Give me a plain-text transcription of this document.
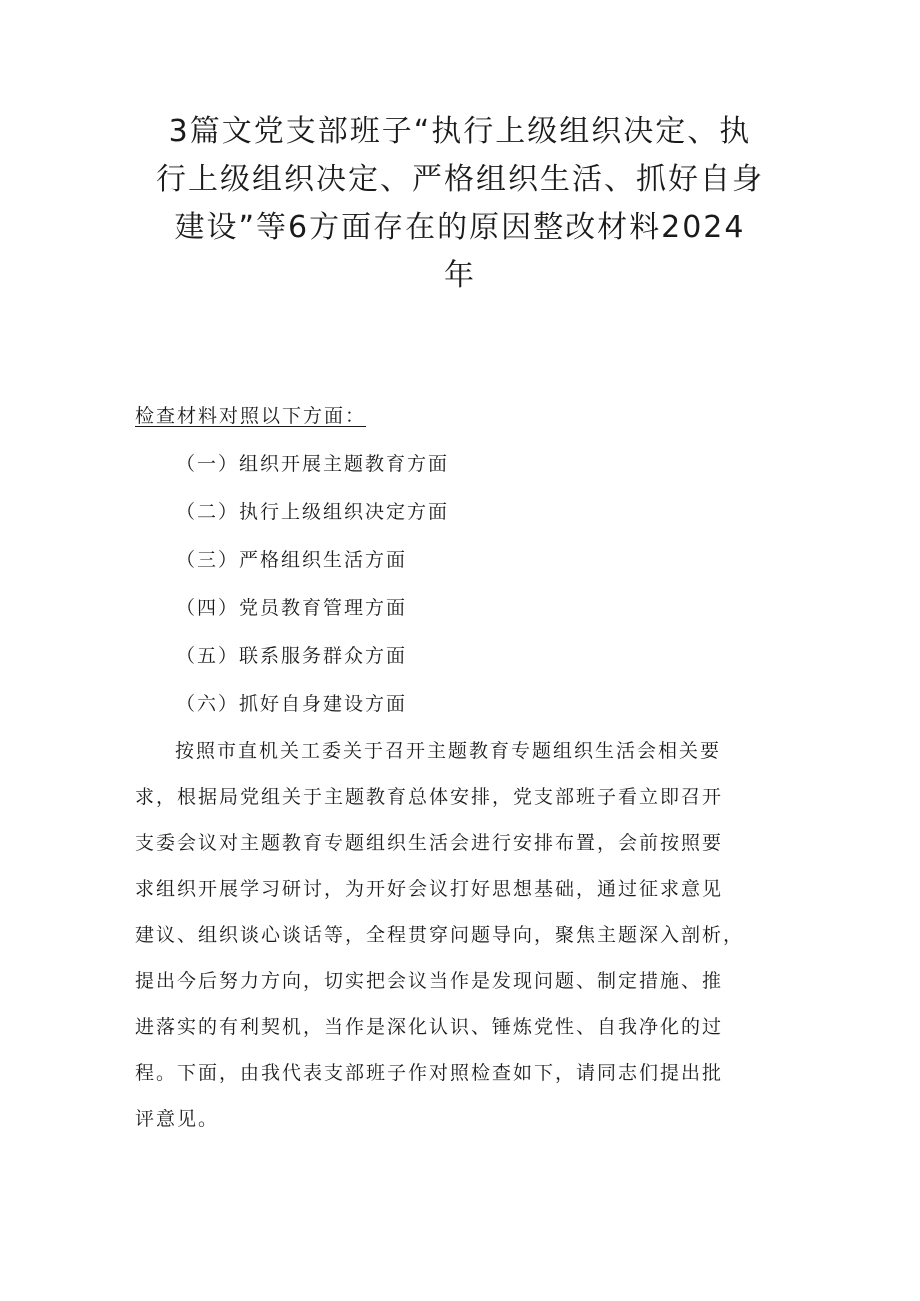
3篇文党支部班子“执行上级组织决定、执
行上级组织决定、严格组织生活、抓好自身
建设”等6方面存在的原因整改材料2024
年

检查材料对照以下方面：

（一）组织开展主题教育方面
（二）执行上级组织决定方面
（三）严格组织生活方面
（四）党员教育管理方面
（五）联系服务群众方面
（六）抓好自身建设方面
按照市直机关工委关于召开主题教育专题组织生活会相关要
求，根据局党组关于主题教育总体安排，党支部班子看立即召开
支委会议对主题教育专题组织生活会进行安排布置，会前按照要
求组织开展学习研讨，为开好会议打好思想基础，通过征求意见
建议、组织谈心谈话等，全程贯穿问题导向，聚焦主题深入剖析，
提出今后努力方向，切实把会议当作是发现问题、制定措施、推
进落实的有利契机，当作是深化认识、锤炼党性、自我净化的过
程。下面，由我代表支部班子作对照检查如下，请同志们提出批
评意见。
